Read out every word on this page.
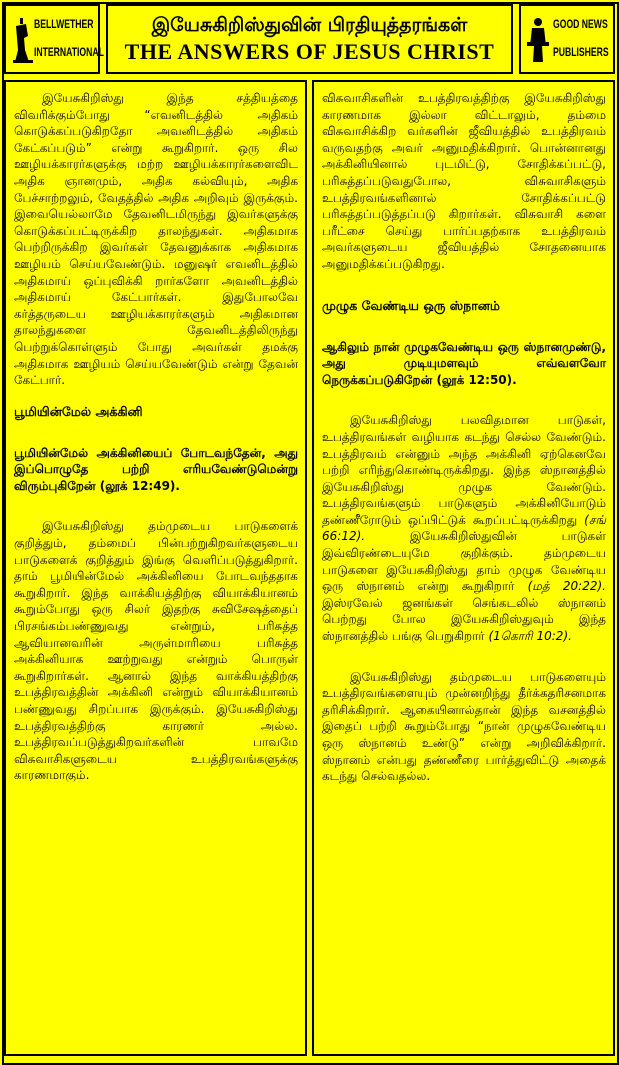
BELLWETHER
INTERNATIONAL
இயேசுகிறிஸ்துவின் பிரதியுத்தரங்கள்
THE ANSWERS OF JESUS CHRIST
GOOD NEWS
PUBLISHERS

இயேசுகிறிஸ்து இந்த சத்தியத்தை விவரிக்கும்போது “எவனிடத்தில் அதிகம் கொடுக்கப்படுகிறதோ அவனிடத்தில் அதிகம் கேட்கப்படும்” என்று கூறுகிறார். ஒரு சில ஊழியக்காரர்களுக்கு மற்ற ஊழியக்காரர்களைவிட அதிக ஞானமும், அதிக கல்வியும், அதிக பேச்சாற்றலும், வேதத்தில் அதிக அறிவும் இருக்கும். இவையெல்லாமே தேவனிடமிருந்து இவர்களுக்கு கொடுக்கப்பட்டிருக்கிற தாலந்துகள். அதிகமாக பெற்றிருக்கிற இவர்கள் தேவனுக்காக அதிகமாக ஊழியம் செய்யவேண்டும். மனுஷர் எவனிடத்தில் அதிகமாய் ஒப்புவிக்கி றார்களோ அவனிடத்தில் அதிகமாய் கேட்பார்கள். இதுபோலவே கர்த்தருடைய ஊழியக்காரர்களும் அதிகமான தாலந்துகளை தேவனிடத்திலிருந்து பெற்றுக்கொள்ளும் போது அவர்கள் தமக்கு அதிகமாக ஊழியம் செய்யவேண்டும் என்று தேவன் கேட்பார்.

பூமியின்மேல் அக்கினி

பூமியின்மேல் அக்கினியைப் போடவந்தேன், அது இப்பொழுதே பற்றி எரியவேண்டுமென்று விரும்புகிறேன் (லூக் 12:49).

இயேசுகிறிஸ்து தம்முடைய பாடுகளைக் குறித்தும், தம்மைப் பின்பற்றுகிறவர்களுடைய பாடுகளைக் குறித்தும் இங்கு வெளிப்படுத்துகிறார். தாம் பூமியின்மேல் அக்கினியை போடவந்ததாக கூறுகிறார். இந்த வாக்கியத்திற்கு வியாக்கியானம் கூறும்போது ஒரு சிலர் இதற்கு சுவிசேஷத்தைப் பிரசங்கம்பண்ணுவது என்றும், பரிசுத்த ஆவியானவரின் அருள்மாரியை பரிசுத்த அக்கினியாக ஊற்றுவது என்றும் பொருள் கூறுகிறார்கள். ஆனால் இந்த வாக்கியத்திற்கு உபத்திரவத்தின் அக்கினி என்றும் வியாக்கியானம் பண்ணுவது சிறப்பாக இருக்கும். இயேசுகிறிஸ்து உபத்திரவத்திற்கு காரணர் அல்ல. உபத்திரவப்படுத்துகிறவர்களின் பாவமே விசுவாசிகளுடைய உபத்திரவங்களுக்கு காரணமாகும்.

விசுவாசிகளின் உபத்திரவத்திற்கு இயேசுகிறிஸ்து காரணமாக இல்லா விட்டாலும், தம்மை விசுவாசிக்கிற வர்களின் ஜீவியத்தில் உபத்திரவம் வருவதற்கு அவர் அனுமதிக்கிறார். பொன்னானது அக்கினியினால் புடமிட்டு, சோதிக்கப்பட்டு, பரிசுத்தப்படுவதுபோல, விசுவாசிகளும் உபத்திரவங்களினால் சோதிக்கப்பட்டு பரிசுத்தப்படுத்தப்படு கிறார்கள். விசுவாசி களை பரீட்சை செய்து பார்ப்பதற்காக உபத்திரவம் அவர்களுடைய ஜீவியத்தில் சோதனையாக அனுமதிக்கப்படுகிறது.

முழுக வேண்டிய ஒரு ஸ்நானம்

ஆகிலும் நான் முழுகவேண்டிய ஒரு ஸ்நானமுண்டு, அது முடியுமளவும் எவ்வளவோ நெருக்கப்படுகிறேன் (லூக் 12:50).

இயேசுகிறிஸ்து பலவிதமான பாடுகள், உபத்திரவங்கள் வழியாக கடந்து செல்ல வேண்டும். உபத்திரவம் என்னும் அந்த அக்கினி ஏற்கெனவே பற்றி எரிந்துகொண்டிருக்கிறது. இந்த ஸ்நானத்தில் இயேசுகிறிஸ்து முழுக வேண்டும். உபத்திரவங்களும் பாடுகளும் அக்கினியோடும் தண்ணீரோடும் ஒப்பிட்டுக் கூறப்பட்டிருக்கிறது (சங் 66:12).	இயேசுகிறிஸ்துவின் பாடுகள் இவ்விரண்டையுமே குறிக்கும். தம்முடைய பாடுகளை இயேசுகிறிஸ்து தாம் முழுக வேண்டிய ஒரு ஸ்நானம் என்று கூறுகிறார் (மத் 20:22). இஸ்ரவேல் ஜனங்கள் செங்கடலில் ஸ்நானம் பெற்றது போல இயேசுகிறிஸ்துவும் இந்த ஸ்நானத்தில் பங்கு பெறுகிறார் (1கொரி 10:2).

இயேசுகிறிஸ்து தம்முடைய பாடுகளையும் உபத்திரவங்களையும் முன்னறிந்து தீர்க்கதரிசனமாக தரிசிக்கிறார். ஆகையினால்தான் இந்த வசனத்தில் இதைப் பற்றி கூறும்போது “நான் முழுகவேண்டிய ஒரு ஸ்நானம் உண்டு” என்று அறிவிக்கிறார். ஸ்நானம் என்பது தண்ணீரை பார்த்துவிட்டு அதைக் கடந்து செல்வதல்ல.
